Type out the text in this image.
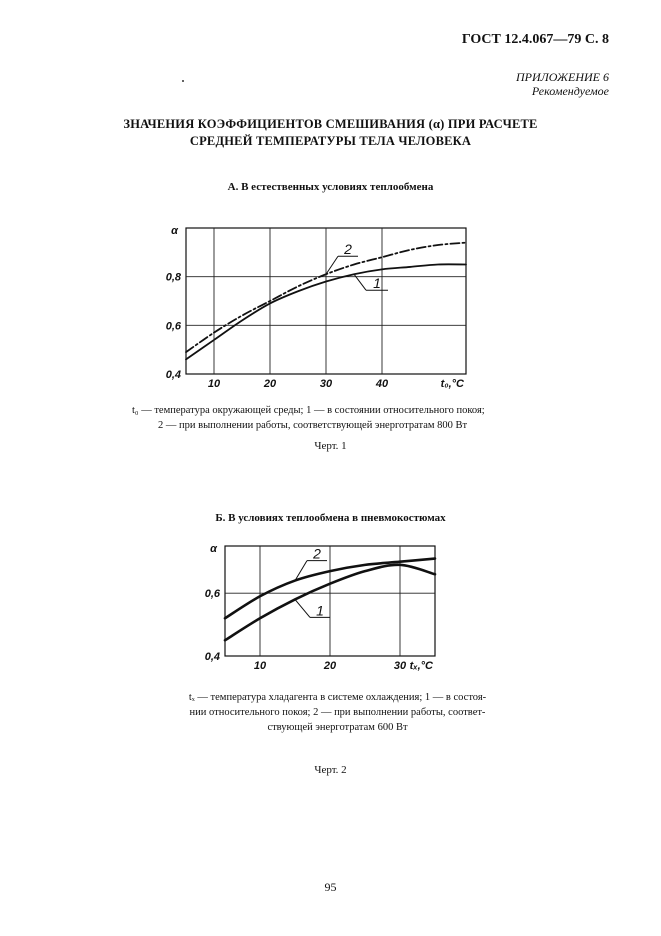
ГОСТ 12.4.067—79 С. 8
ПРИЛОЖЕНИЕ 6
Рекомендуемое
ЗНАЧЕНИЯ КОЭФФИЦИЕНТОВ СМЕШИВАНИЯ (α) ПРИ РАСЧЕТЕ
СРЕДНЕЙ ТЕМПЕРАТУРЫ ТЕЛА ЧЕЛОВЕКА
А. В естественных условиях теплообмена
10	20	30	40
0,4
0,6
0,8
α
t₀,°C
1
2
t₀ — температура окружающей среды; 1 — в состоянии относительного покоя;
2 — при выполнении работы, соответствующей энерготратам 800 Вт
Черт. 1
Б. В условиях теплообмена в пневмокостюмах
10	20	30
0,4
0,6
α
tₓ,°C
1
2
tₓ — температура хладагента в системе охлаждения; 1 — в состоя-
нии относительного покоя; 2 — при выполнении работы, соответ-
ствующей энерготратам 600 Вт
Черт. 2
95
